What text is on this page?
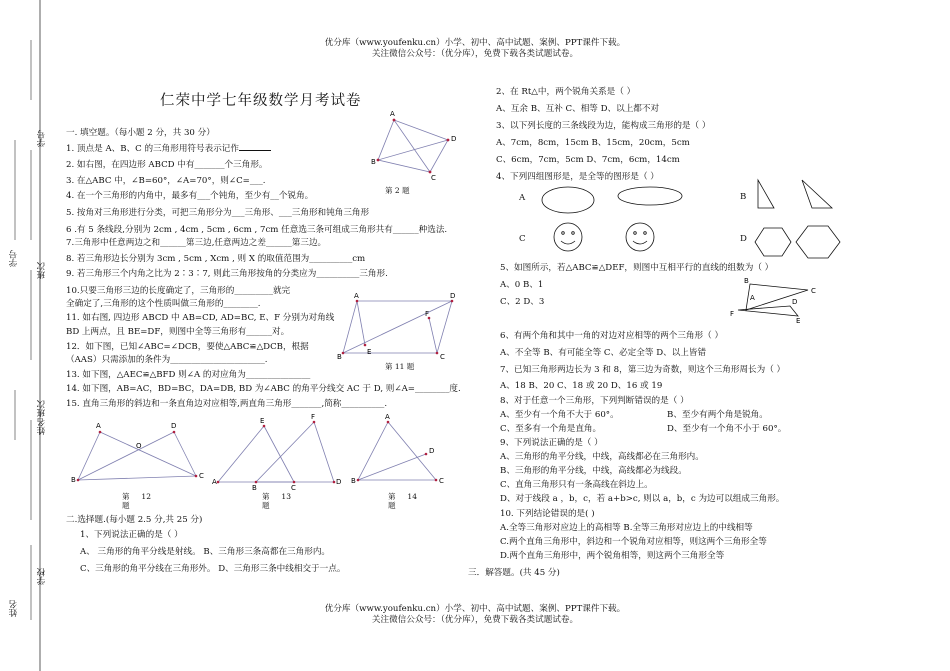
学号
学号
班次
班次
姓名
学校
姓名
优分库（www.youfenku.cn）小学、初中、高中试题、案例、PPT课件下载。
关注微信公众号：（优分库），免费下载各类试题试卷。
优分库（www.youfenku.cn）小学、初中、高中试题、案例、PPT课件下载。
关注微信公众号：（优分库），免费下载各类试题试卷。
仁荣中学七年级数学月考试卷
一. 填空题。（每小题 2 分，共 30 分）
1. 顶点是 A、B、C 的三角形用符号表示记作
2. 如右图，在四边形 ABCD 中有_______个三角形。
3. 在△ABC 中，∠B=60°，∠A=70°，则∠C=___.
4. 在一个三角形的内角中，最多有___个钝角，至少有__个锐角。
5. 按角对三角形进行分类，可把三角形分为___三角形、___三角形和钝角三角形
6 .有 5 条线段,分别为 2cm , 4cm , 5cm , 6cm , 7cm 任意选三条可组成三角形共有______种选法.
7.三角形中任意两边之和______第三边,任意两边之差______第三边。
8. 若三角形边长分别为 3cm , 5cm , Xcm , 则 X 的取值范围为__________cm
9. 若三角形三个内角之比为 2∶3∶7, 则此三角形按角的分类应为__________三角形.
10.只要三角形三边的长度确定了，三角形的_________就完
全确定了,三角形的这个性质叫做三角形的________.
11. 如右图, 四边形 ABCD 中 AB=CD, AD=BC, E、F 分别为对角线
BD 上两点，且 BE=DF，则图中全等三角形有______对。
12．如下图，已知∠ABC=∠DCB，要使△ABC≌△DCB，根据
（AAS）只需添加的条件为______________________.
13. 如下图，△AEC≌△BFD 则∠A 的对应角为_______________
14. 如下图，AB=AC，BD=BC，DA=DB, BD 为∠ABC 的角平分线交 AC 于 D, 则∠A=________度.
15. 直角三角形的斜边和一条直角边对应相等,两直角三角形_______,简称__________.
A
D
C
B
第 2 题
A	D
C
B
E
F
第 11 题
A	D
B	C
O
第 12
题
E	F
A
B	C
D
第 13
题
A
D
B	C
第 14
题
二.选择题.(每小题 2.5 分,共 25 分)
1、下列说法正确的是（ ）
A、 三角形的角平分线是射线。 B、三角形三条高都在三角形内。
C、三角形的角平分线在三角形外。 D、三角形三条中线相交于一点。
2、在 Rt△中，两个锐角关系是（ ）
A、互余 B、互补 C、相等 D、以上都不对
3、以下列长度的三条线段为边，能构成三角形的是（ ）
A、7cm，8cm，15cm B、15cm，20cm，5cm
C、6cm，7cm，5cm D、7cm，6cm，14cm
4、下列四组图形是，是全等的图形是（ ）
A	B
C	D
5、如图所示，若△ABC≌△DEF，则图中互相平行的直线的组数为（ ）
A、0 B、1
C、2 D、3
B
C
A	D
F
E
6、有两个角和其中一角的对边对应相等的两个三角形（ ）
A、不全等 B、有可能全等 C、必定全等 D、以上皆错
7、已知三角形两边长为 3 和 8，第三边为奇数，则这个三角形周长为（ ）
A、18 B、20 C、18 或 20 D、16 或 19
8、对于任意一个三角形，下列判断错误的是（ ）
A、至少有一个角不大于 60°。	B、至少有两个角是锐角。
C、至多有一个角是直角。	D、至少有一个角不小于 60°。
9、下列说法正确的是（ ）
A、三角形的角平分线，中线，高线都必在三角形内。
B、三角形的角平分线，中线，高线都必为线段。
C、直角三角形只有一条高线在斜边上。
D、对于线段 a ，b，c，若 a+b>c, 则以 a，b，c 为边可以组成三角形。
10. 下列结论错误的是( )
A.全等三角形对应边上的高相等 B.全等三角形对应边上的中线相等
C.两个直角三角形中，斜边和一个锐角对应相等，则这两个三角形全等
D.两个直角三角形中，两个锐角相等，则这两个三角形全等
三．解答题。(共 45 分)
